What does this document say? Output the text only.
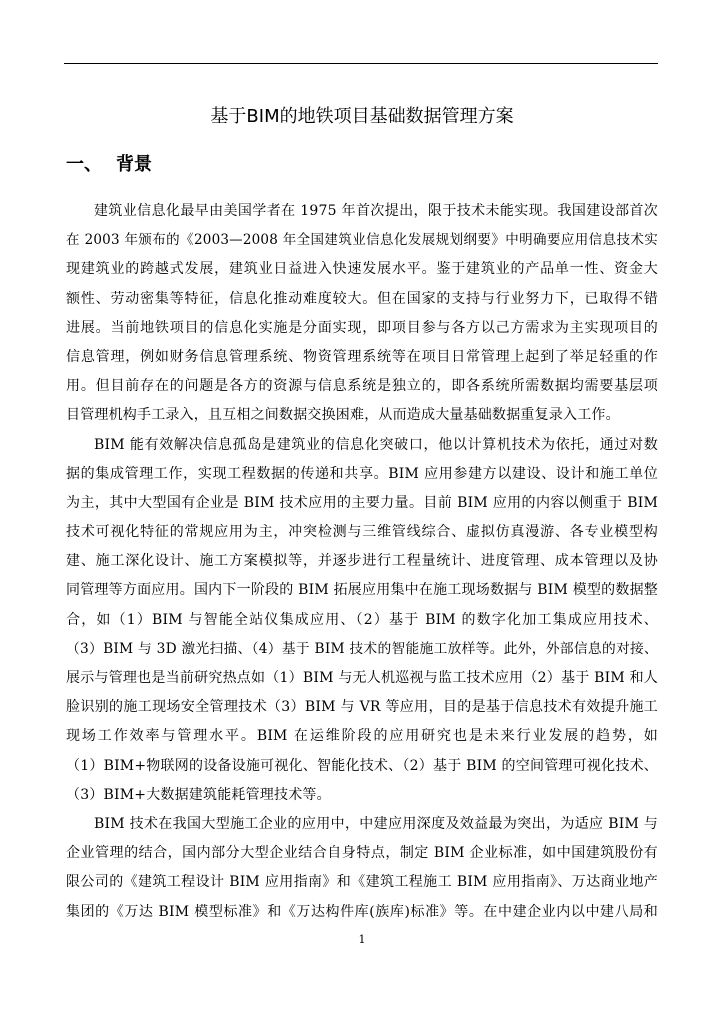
基于BIM的地铁项目基础数据管理方案
一、 背景
建筑业信息化最早由美国学者在 1975 年首次提出，限于技术未能实现。我国建设部首次
在 2003 年颁布的《2003—2008 年全国建筑业信息化发展规划纲要》中明确要应用信息技术实
现建筑业的跨越式发展，建筑业日益进入快速发展水平。鉴于建筑业的产品单一性、资金大
额性、劳动密集等特征，信息化推动难度较大。但在国家的支持与行业努力下，已取得不错
进展。当前地铁项目的信息化实施是分面实现，即项目参与各方以己方需求为主实现项目的
信息管理，例如财务信息管理系统、物资管理系统等在项目日常管理上起到了举足轻重的作
用。但目前存在的问题是各方的资源与信息系统是独立的，即各系统所需数据均需要基层项
目管理机构手工录入，且互相之间数据交换困难，从而造成大量基础数据重复录入工作。
BIM 能有效解决信息孤岛是建筑业的信息化突破口，他以计算机技术为依托，通过对数
据的集成管理工作，实现工程数据的传递和共享。BIM 应用参建方以建设、设计和施工单位
为主，其中大型国有企业是 BIM 技术应用的主要力量。目前 BIM 应用的内容以侧重于 BIM
技术可视化特征的常规应用为主，冲突检测与三维管线综合、虚拟仿真漫游、各专业模型构
建、施工深化设计、施工方案模拟等，并逐步进行工程量统计、进度管理、成本管理以及协
同管理等方面应用。国内下一阶段的 BIM 拓展应用集中在施工现场数据与 BIM 模型的数据整
合，如（1）BIM 与智能全站仪集成应用、（2）基于 BIM 的数字化加工集成应用技术、
（3）BIM 与 3D 激光扫描、（4）基于 BIM 技术的智能施工放样等。此外，外部信息的对接、
展示与管理也是当前研究热点如（1）BIM 与无人机巡视与监工技术应用（2）基于 BIM 和人
脸识别的施工现场安全管理技术（3）BIM 与 VR 等应用，目的是基于信息技术有效提升施工
现场工作效率与管理水平。BIM 在运维阶段的应用研究也是未来行业发展的趋势，如
（1）BIM+物联网的设备设施可视化、智能化技术、（2）基于 BIM 的空间管理可视化技术、
（3）BIM+大数据建筑能耗管理技术等。
BIM 技术在我国大型施工企业的应用中，中建应用深度及效益最为突出，为适应 BIM 与
企业管理的结合，国内部分大型企业结合自身特点，制定 BIM 企业标准，如中国建筑股份有
限公司的《建筑工程设计 BIM 应用指南》和《建筑工程施工 BIM 应用指南》、万达商业地产
集团的《万达 BIM 模型标准》和《万达构件库(族库)标准》等。在中建企业内以中建八局和
1
